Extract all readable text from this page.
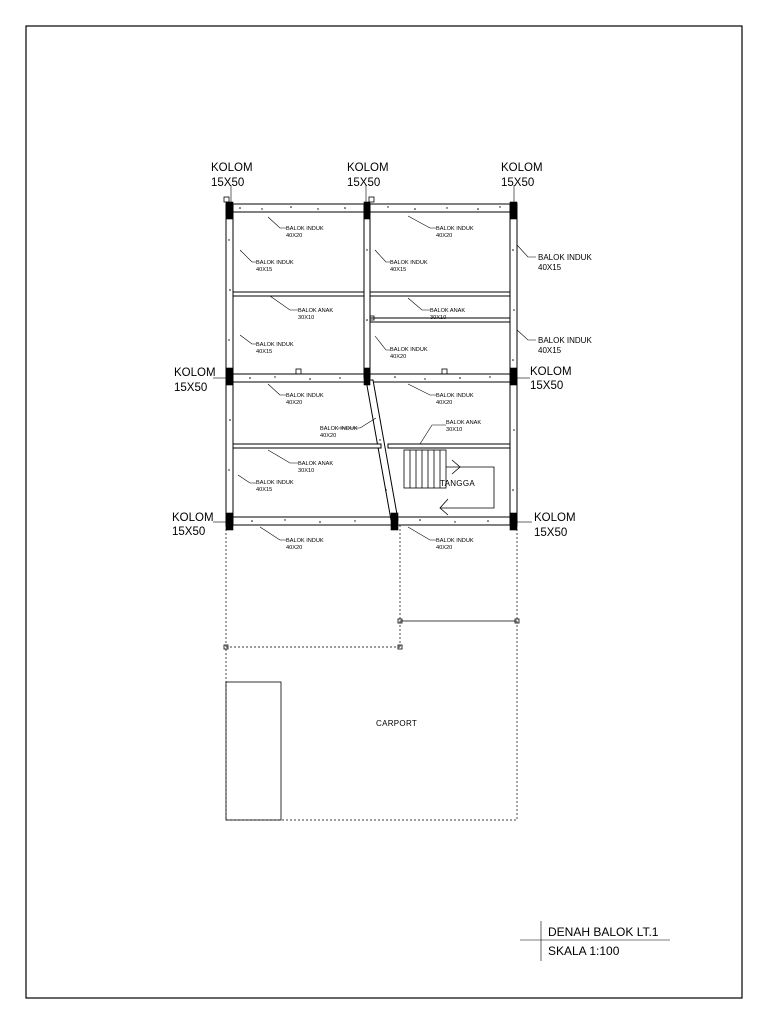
KOLOM
15X50
KOLOM
15X50
KOLOM
15X50
KOLOM
15X50
KOLOM
15X50
KOLOM
15X50
KOLOM
15X50
BALOK INDUK
40X20
BALOK INDUK
40X20
BALOK INDUK
40X15
BALOK INDUK
40X15
BALOK ANAK
30X10
BALOK ANAK
30X10
BALOK INDUK
40X15	BALOK INDUK
40X20
BALOK INDUK
40X20
BALOK INDUK
40X20
BALOK INDUK
40X20
BALOK ANAK
30X10
BALOK ANAK
30X10
BALOK INDUK
40X15
BALOK INDUK
40X20
BALOK INDUK
40X20
BALOK INDUK
40X15
BALOK INDUK
40X15
TANGGA
CARPORT
DENAH BALOK LT.1
SKALA 1:100
